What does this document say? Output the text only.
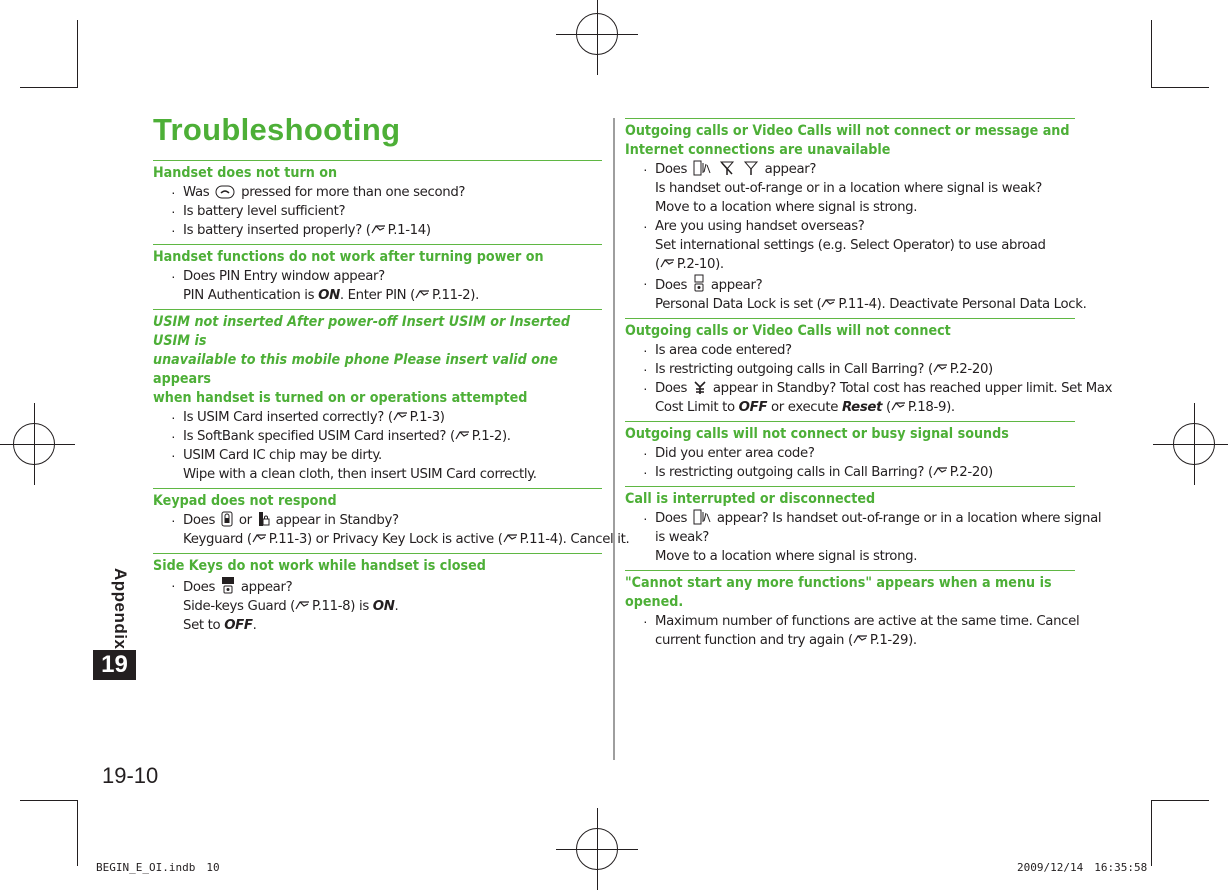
Troubleshooting
Handset does not turn on
· Was pressed for more than one second?
· Is battery level sufficient?
· Is battery inserted properly? ( P.1-14)
Handset functions do not work after turning power on
· Does PIN Entry window appear?
PIN Authentication is ON. Enter PIN ( P.11-2).
USIM not inserted After power-off Insert USIM or Inserted USIM is
unavailable to this mobile phone Please insert valid one appears
when handset is turned on or operations attempted
· Is USIM Card inserted correctly? ( P.1-3)
· Is SoftBank specified USIM Card inserted? ( P.1-2).
· USIM Card IC chip may be dirty.
Wipe with a clean cloth, then insert USIM Card correctly.
Keypad does not respond
· Does or appear in Standby?
Keyguard ( P.11-3) or Privacy Key Lock is active ( P.11-4). Cancel it.
Side Keys do not work while handset is closed
· Does appear?
Side-keys Guard ( P.11-8) is ON.
Set to OFF.
Outgoing calls or Video Calls will not connect or message and
Internet connections are unavailable
· Does	appear?
Is handset out-of-range or in a location where signal is weak?
Move to a location where signal is strong.
· Are you using handset overseas?
Set international settings (e.g. Select Operator) to use abroad
( P.2-10).
· Does appear?
Personal Data Lock is set ( P.11-4). Deactivate Personal Data Lock.
Outgoing calls or Video Calls will not connect
· Is area code entered?
· Is restricting outgoing calls in Call Barring? ( P.2-20)
· Does appear in Standby? Total cost has reached upper limit. Set Max
Cost Limit to OFF or execute Reset ( P.18-9).
Outgoing calls will not connect or busy signal sounds
· Did you enter area code?
· Is restricting outgoing calls in Call Barring? ( P.2-20)
Call is interrupted or disconnected
· Does appear? Is handset out-of-range or in a location where signal
is weak?
Move to a location where signal is strong.
"Cannot start any more functions" appears when a menu is
opened.
· Maximum number of functions are active at the same time. Cancel
current function and try again ( P.1-29).
Appendix
19
19-10
BEGIN_E_OI.indb　10	2009/12/14　16:35:58
